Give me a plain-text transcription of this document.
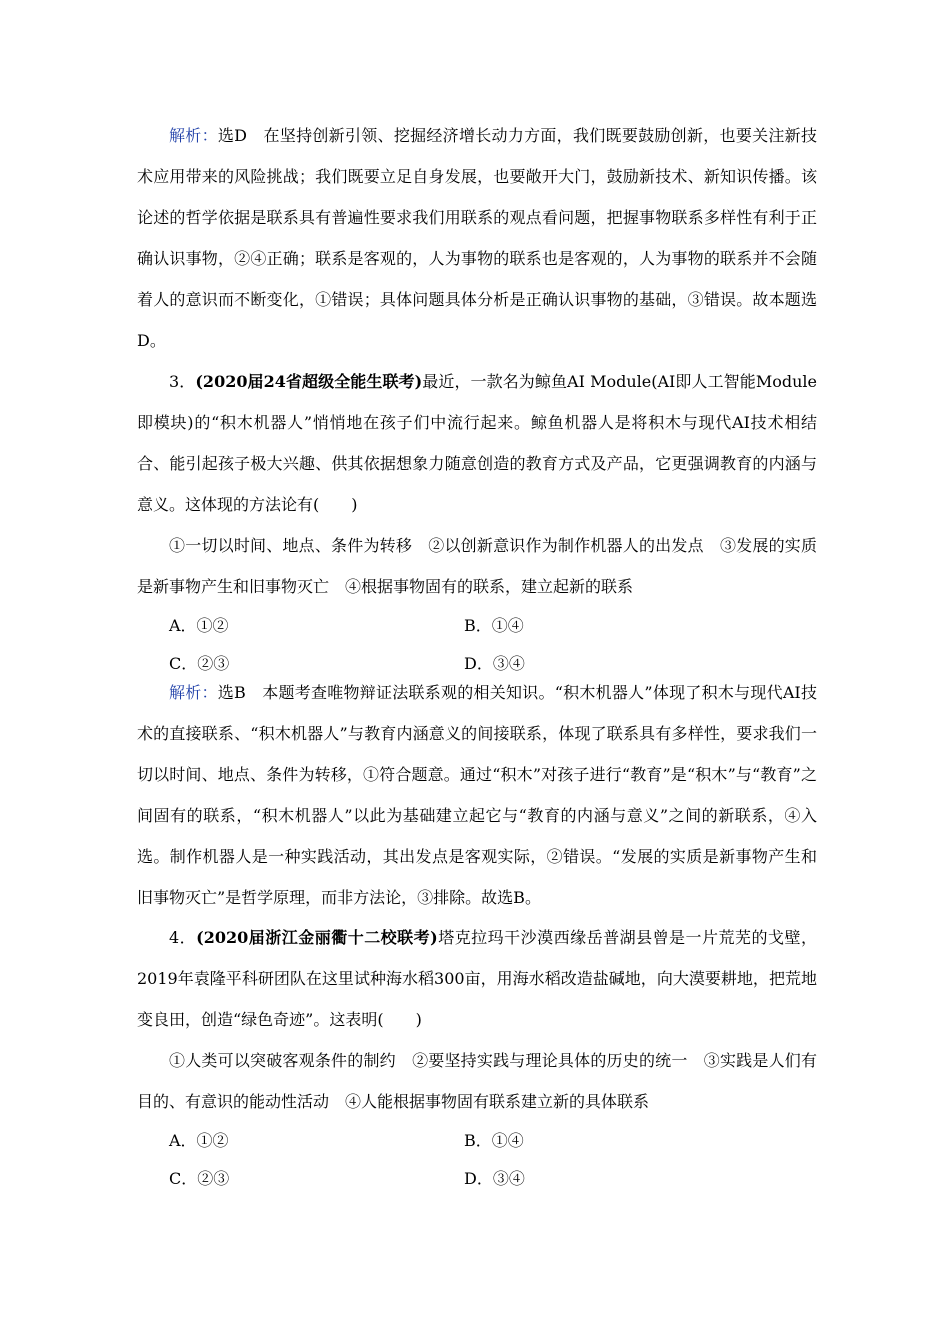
解析：选D　在坚持创新引领、挖掘经济增长动力方面，我们既要鼓励创新，也要关注新技术应用带来的风险挑战；我们既要立足自身发展，也要敞开大门，鼓励新技术、新知识传播。该论述的哲学依据是联系具有普遍性要求我们用联系的观点看问题，把握事物联系多样性有利于正确认识事物，②④正确；联系是客观的，人为事物的联系也是客观的，人为事物的联系并不会随着人的意识而不断变化，①错误；具体问题具体分析是正确认识事物的基础，③错误。故本题选D。

3．(2020届24省超级全能生联考)最近，一款名为鲸鱼AI Module(AI即人工智能Module即模块)的“积木机器人”悄悄地在孩子们中流行起来。鲸鱼机器人是将积木与现代AI技术相结合、能引起孩子极大兴趣、供其依据想象力随意创造的教育方式及产品，它更强调教育的内涵与意义。这体现的方法论有(　　)

①一切以时间、地点、条件为转移　②以创新意识作为制作机器人的出发点　③发展的实质是新事物产生和旧事物灭亡　④根据事物固有的联系，建立起新的联系

A．①②	B．①④
C．②③	D．③④

解析：选B　本题考查唯物辩证法联系观的相关知识。“积木机器人”体现了积木与现代AI技术的直接联系、“积木机器人”与教育内涵意义的间接联系，体现了联系具有多样性，要求我们一切以时间、地点、条件为转移，①符合题意。通过“积木”对孩子进行“教育”是“积木”与“教育”之间固有的联系，“积木机器人”以此为基础建立起它与“教育的内涵与意义”之间的新联系，④入选。制作机器人是一种实践活动，其出发点是客观实际，②错误。“发展的实质是新事物产生和旧事物灭亡”是哲学原理，而非方法论，③排除。故选B。

4．(2020届浙江金丽衢十二校联考)塔克拉玛干沙漠西缘岳普湖县曾是一片荒芜的戈壁，2019年袁隆平科研团队在这里试种海水稻300亩，用海水稻改造盐碱地，向大漠要耕地，把荒地变良田，创造“绿色奇迹”。这表明(　　)

①人类可以突破客观条件的制约　②要坚持实践与理论具体的历史的统一　③实践是人们有目的、有意识的能动性活动　④人能根据事物固有联系建立新的具体联系

A．①②	B．①④
C．②③	D．③④
